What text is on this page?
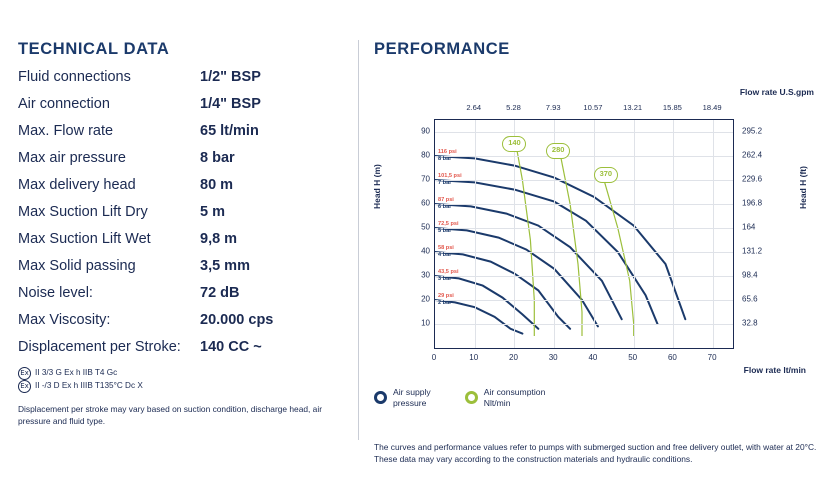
TECHNICAL DATA
Fluid connections	1/2" BSP
Air connection	1/4" BSP
Max. Flow rate	65 lt/min
Max air pressure	8 bar
Max delivery head	80 m
Max Suction Lift Dry	5 m
Max Suction Lift Wet	9,8 m
Max Solid passing	3,5 mm
Noise level:	72 dB
Max Viscosity:	20.000 cps
Displacement per Stroke:	140 CC ~
Ex II 3/3 G Ex h IIB T4 Gc
Ex II -/3 D Ex h IIIB T135°C Dc X
Displacement per stroke may vary based on suction condition, discharge head, air pressure and fluid type.
PERFORMANCE
Flow rate U.S.gpm
2.64	5.28	7.93	10.57	13.21	15.85	18.49
Head H (m)	Head H (ft)
Flow rate lt/min
10
20
30
40
50
60
70
80
90
32.8
65.6
98.4
131.2
164
196.8
229.6
262.4
295.2
0	10	20	30	40	50	60	70
116 psi
8 bar
101,5 psi
7 bar
87 psi
6 bar
72,5 psi
5 bar
58 psi
4 bar
43,5 psi
3 bar
29 psi
2 bar
140
280
370
Air supply
pressure
Air consumption
Nlt/min
The curves and performance values refer to pumps with submerged suction and free delivery outlet, with water at 20°C. These data may vary according to the construction materials and hydraulic conditions.
